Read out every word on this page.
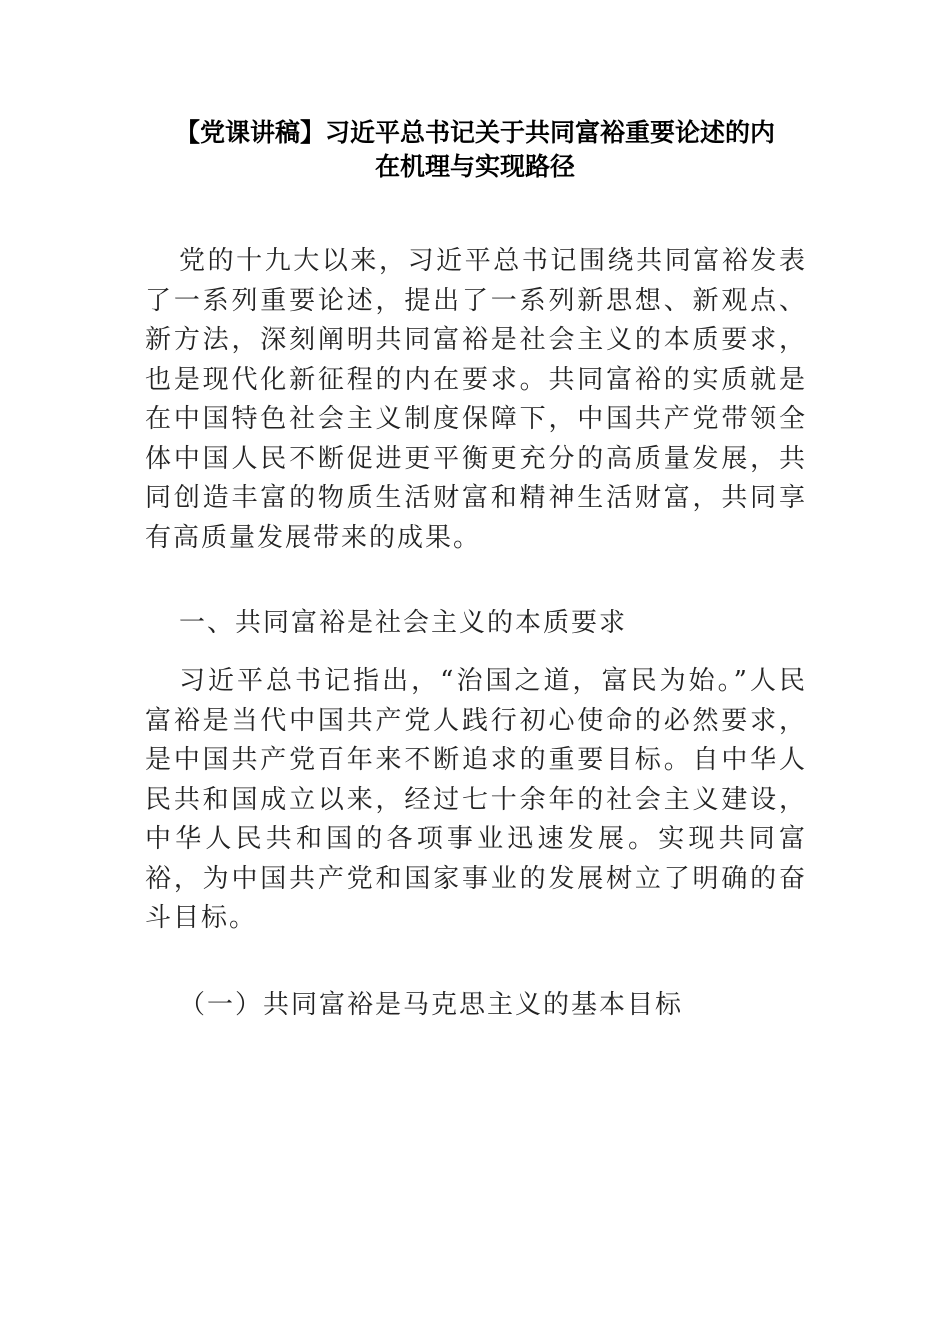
【党课讲稿】习近平总书记关于共同富裕重要论述的内
在机理与实现路径

党的十九大以来，习近平总书记围绕共同富裕发表了一系列重要论述，提出了一系列新思想、新观点、新方法，深刻阐明共同富裕是社会主义的本质要求，也是现代化新征程的内在要求。共同富裕的实质就是在中国特色社会主义制度保障下，中国共产党带领全体中国人民不断促进更平衡更充分的高质量发展，共同创造丰富的物质生活财富和精神生活财富，共同享有高质量发展带来的成果。

一、共同富裕是社会主义的本质要求

习近平总书记指出，“治国之道，富民为始。”人民富裕是当代中国共产党人践行初心使命的必然要求，是中国共产党百年来不断追求的重要目标。自中华人民共和国成立以来，经过七十余年的社会主义建设，中华人民共和国的各项事业迅速发展。实现共同富裕，为中国共产党和国家事业的发展树立了明确的奋斗目标。

（一）共同富裕是马克思主义的基本目标
